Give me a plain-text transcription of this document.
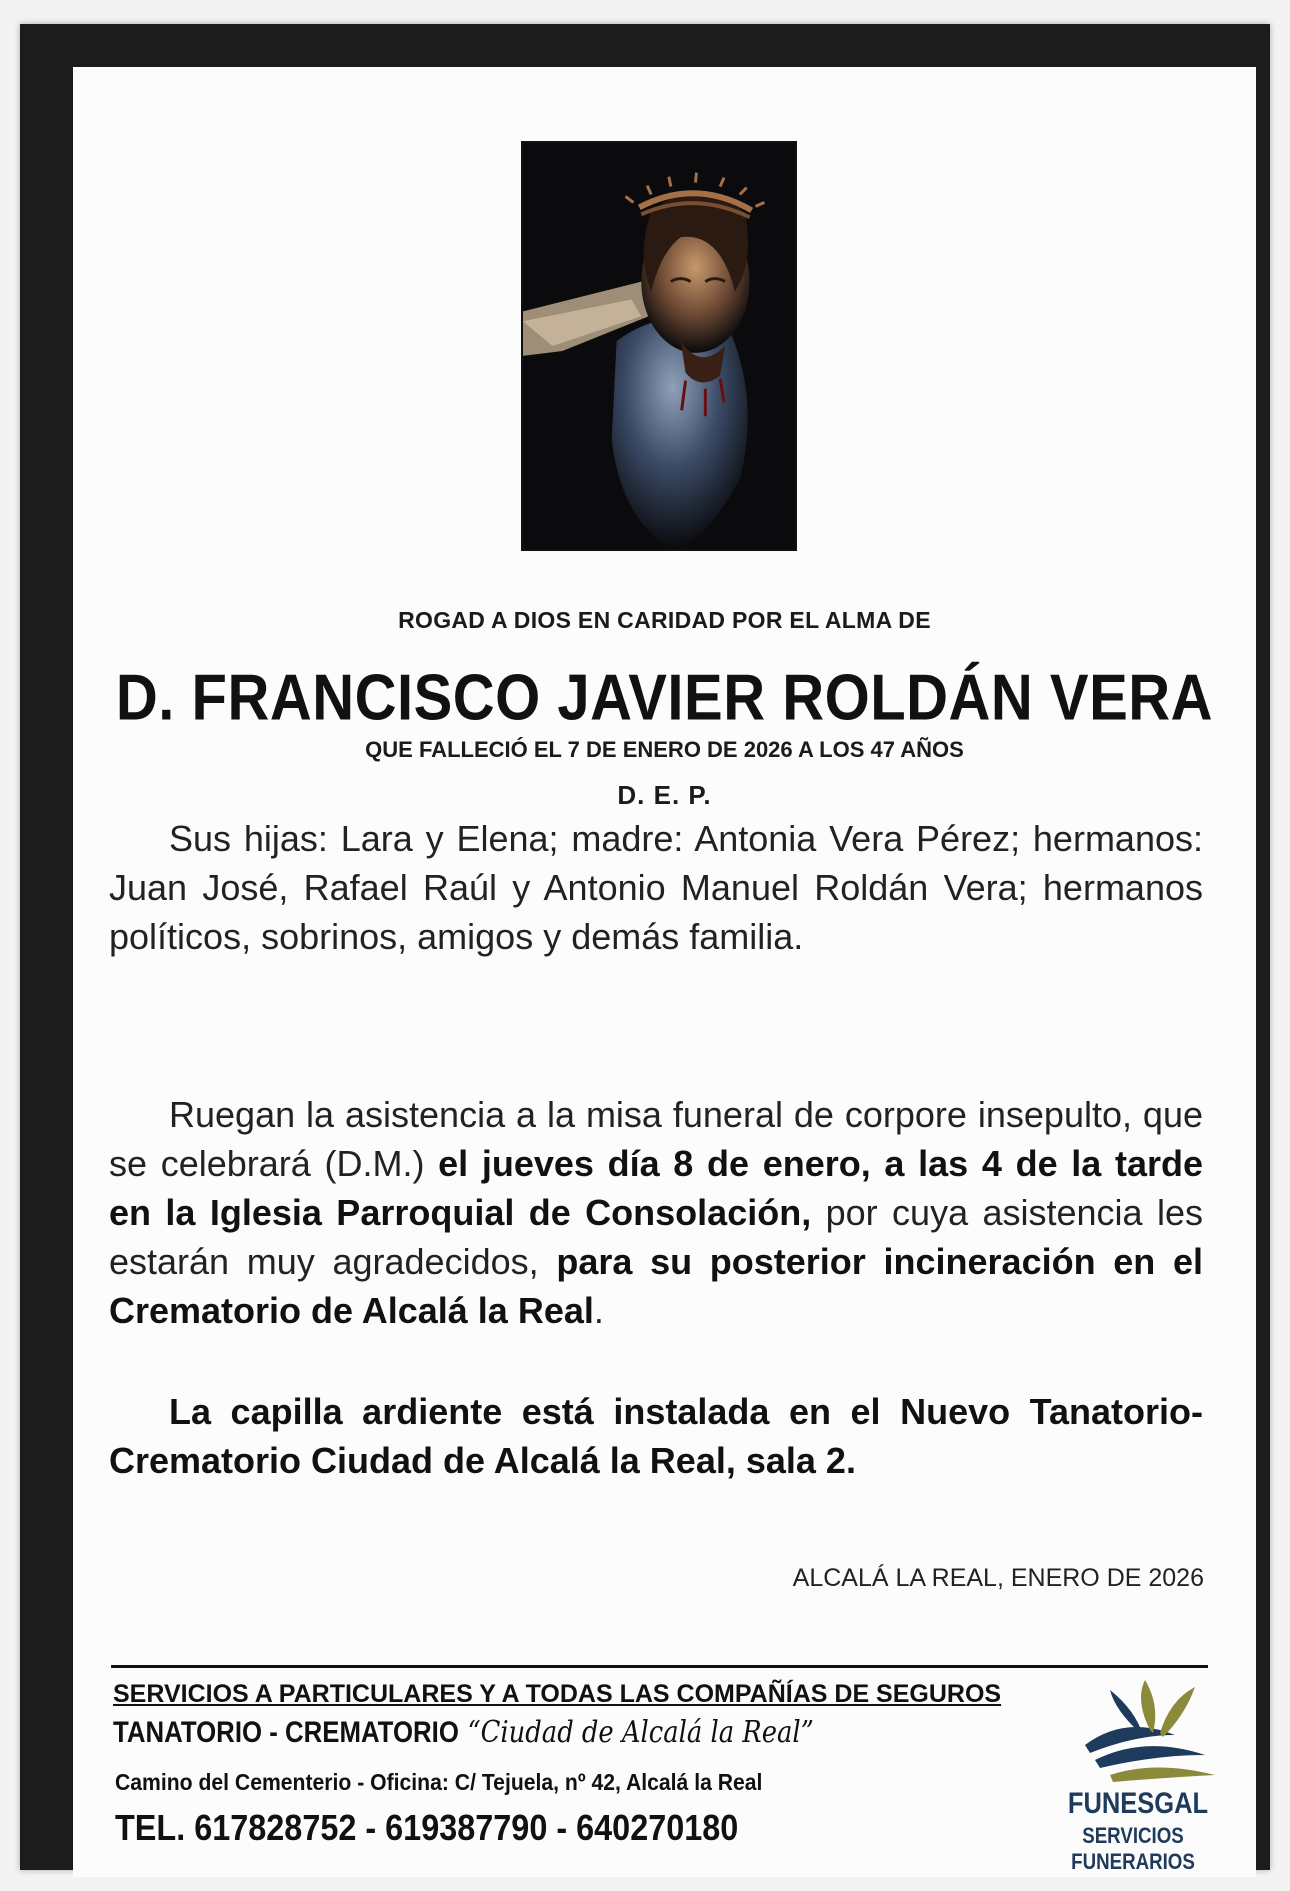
ROGAD A DIOS EN CARIDAD POR EL ALMA DE
D. FRANCISCO JAVIER ROLDÁN VERA
QUE FALLECIÓ EL 7 DE ENERO DE 2026 A LOS 47 AÑOS
D. E. P.
Sus hijas: Lara y Elena; madre: Antonia Vera Pérez; hermanos: Juan José, Rafael Raúl y Antonio Manuel Roldán Vera; hermanos políticos, sobrinos, amigos y demás familia.
Ruegan la asistencia a la misa funeral de corpore insepulto, que se celebrará (D.M.) el jueves día 8 de enero, a las 4 de la tarde en la Iglesia Parroquial de Consolación, por cuya asistencia les estarán muy agradecidos, para su posterior incineración en el Crematorio de Alcalá la Real.
La capilla ardiente está instalada en el Nuevo Tanatorio-Crematorio Ciudad de Alcalá la Real, sala 2.
ALCALÁ LA REAL, ENERO DE 2026
SERVICIOS A PARTICULARES Y A TODAS LAS COMPAÑÍAS DE SEGUROS
TANATORIO - CREMATORIO “Ciudad de Alcalá la Real”
Camino del Cementerio - Oficina: C/ Tejuela, nº 42, Alcalá la Real
TEL. 617828752 - 619387790 - 640270180
FUNESGAL
SERVICIOS FUNERARIOS
